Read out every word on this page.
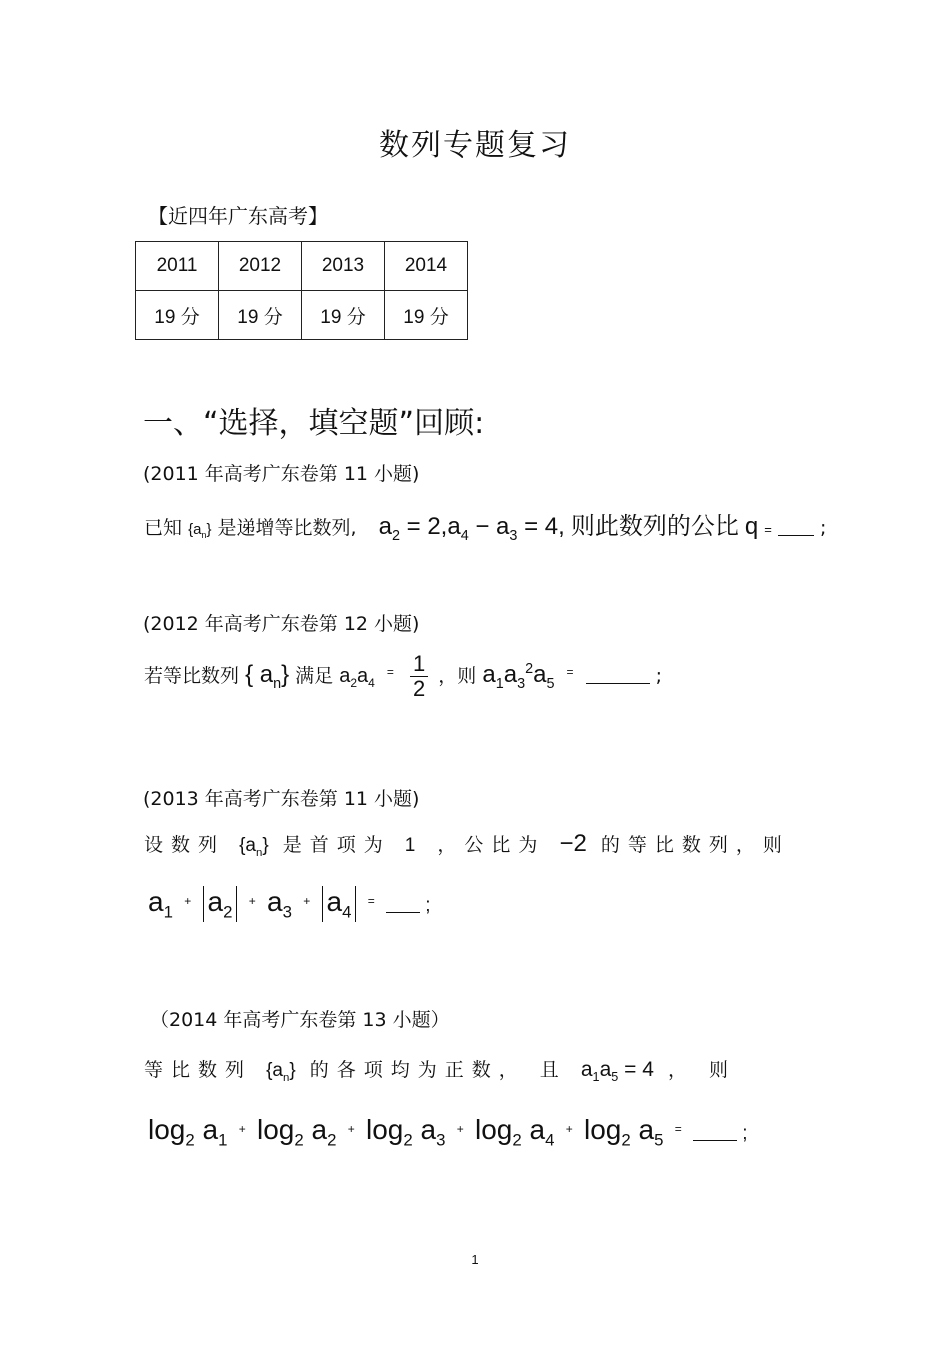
数列专题复习
【近四年广东高考】
2011	2012	2013	2014
19 分	19 分	19 分	19 分
一、“选择，填空题”回顾:
(2011 年高考广东卷第 11 小题)
已知 $\{a_n\}$ 是递增等比数列, $a_2 = 2,a_4 - a_3 = 4$, 则此数列的公比 q =	;
(2012 年高考广东卷第 12 小题)
若等比数列 { $a_n$} 满足 $a_2a_4$ $^= \frac{1}{2}$ ，则 $a_1a_3^2a_5$ =	;
(2013 年高考广东卷第 11 小题)
设数列 $\{a_n\}$ 是首项为 1 ，公比为 −2 的等比数列，则
$a_1$ + $a_2$ + $a_3$ + $a_4$ =	;
（2014 年高考广东卷第 13 小题）
等比数列 $\{a_n\}$ 的各项均为正数， 且 $a_1a_5 = 4$ ， 则
$\log_2 a_1$ + $\log_2 a_2$ + $\log_2 a_3$ + $\log_2 a_4$ + $\log_2 a_5$ =	;
1
